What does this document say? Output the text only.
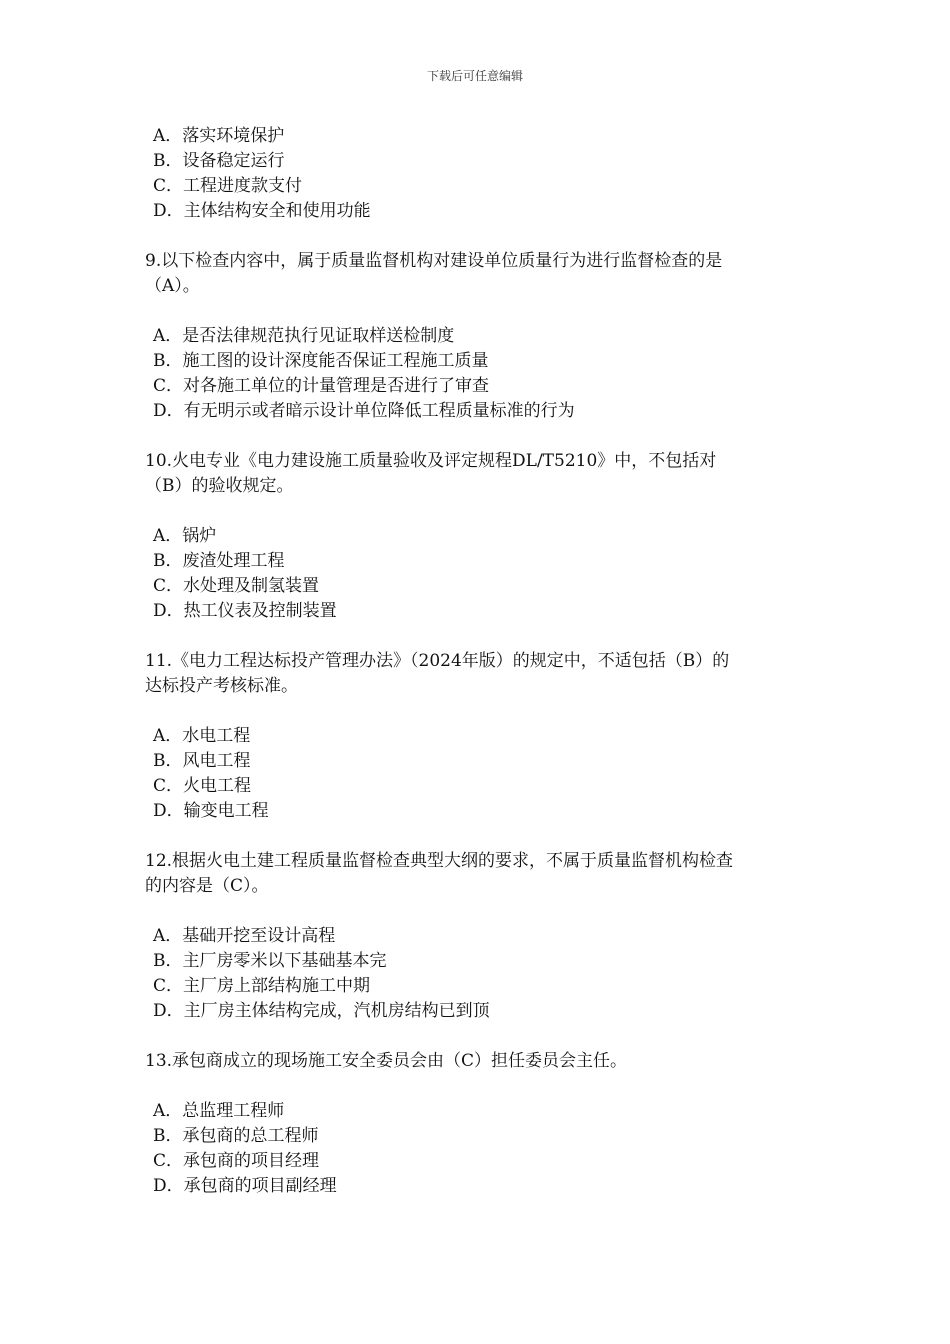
下载后可任意编辑
A．落实环境保护
B．设备稳定运行
C．工程进度款支付
D．主体结构安全和使用功能
9.以下检查内容中，属于质量监督机构对建设单位质量行为进行监督检查的是
（A）。
A．是否法律规范执行见证取样送检制度
B．施工图的设计深度能否保证工程施工质量
C．对各施工单位的计量管理是否进行了审查
D．有无明示或者暗示设计单位降低工程质量标准的行为
10.火电专业《电力建设施工质量验收及评定规程DL/T5210》中，不包括对
（B）的验收规定。
A．锅炉
B．废渣处理工程
C．水处理及制氢装置
D．热工仪表及控制装置
11.《电力工程达标投产管理办法》（2024年版）的规定中，不适包括（B）的
达标投产考核标准。
A．水电工程
B．风电工程
C．火电工程
D．输变电工程
12.根据火电土建工程质量监督检查典型大纲的要求，不属于质量监督机构检查
的内容是（C）。
A．基础开挖至设计高程
B．主厂房零米以下基础基本完
C．主厂房上部结构施工中期
D．主厂房主体结构完成，汽机房结构已到顶
13.承包商成立的现场施工安全委员会由（C）担任委员会主任。
A．总监理工程师
B．承包商的总工程师
C．承包商的项目经理
D．承包商的项目副经理
